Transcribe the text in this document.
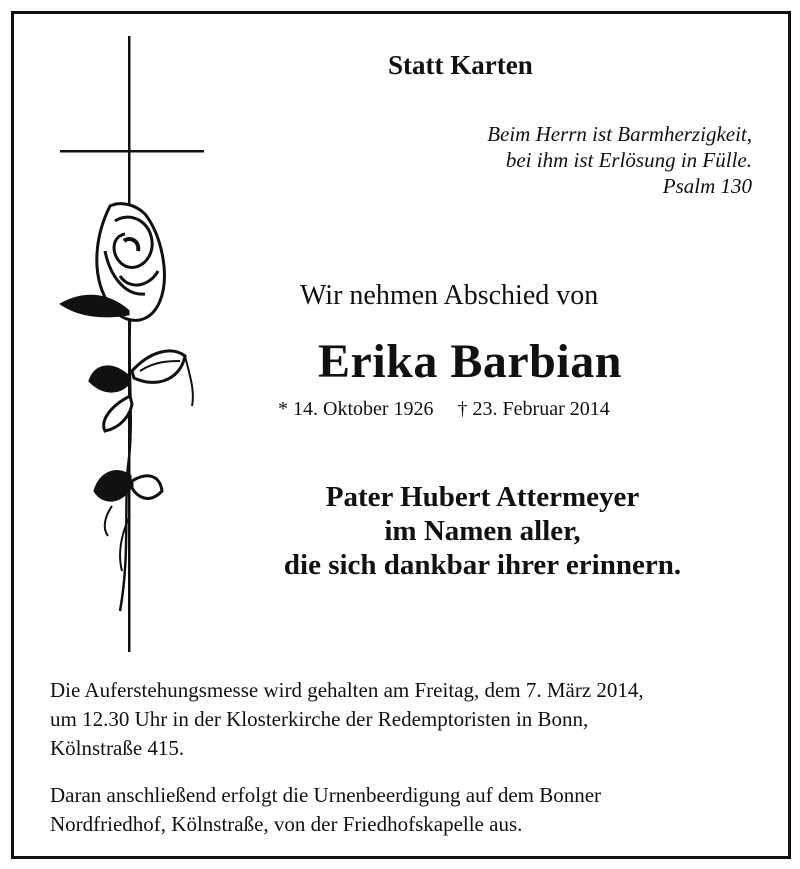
Statt Karten
Beim Herrn ist Barmherzigkeit,
bei ihm ist Erlösung in Fülle.
Psalm 130
Wir nehmen Abschied von
Erika Barbian
* 14. Oktober 1926 † 23. Februar 2014
Pater Hubert Attermeyer
im Namen aller,
die sich dankbar ihrer erinnern.
Die Auferstehungsmesse wird gehalten am Freitag, dem 7. März 2014,
um 12.30 Uhr in der Klosterkirche der Redemptoristen in Bonn,
Kölnstraße 415.
Daran anschließend erfolgt die Urnenbeerdigung auf dem Bonner
Nordfriedhof, Kölnstraße, von der Friedhofskapelle aus.
